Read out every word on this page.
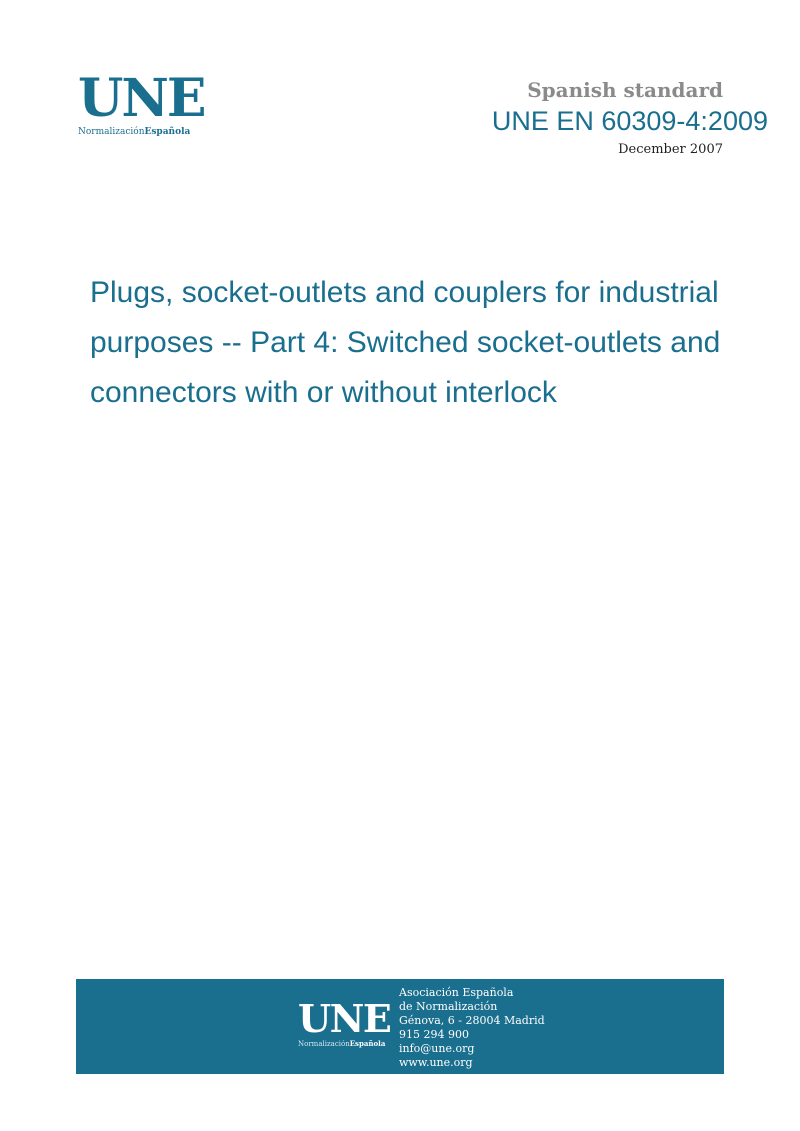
UNE
NormalizaciónEspañola
Spanish standard
UNE EN 60309-4:2009
December 2007
Plugs, socket-outlets and couplers for industrial
purposes -- Part 4: Switched socket-outlets and
connectors with or without interlock
UNE
NormalizaciónEspañola
Asociación Española
de Normalización
Génova, 6 - 28004 Madrid
915 294 900
info@une.org
www.une.org
